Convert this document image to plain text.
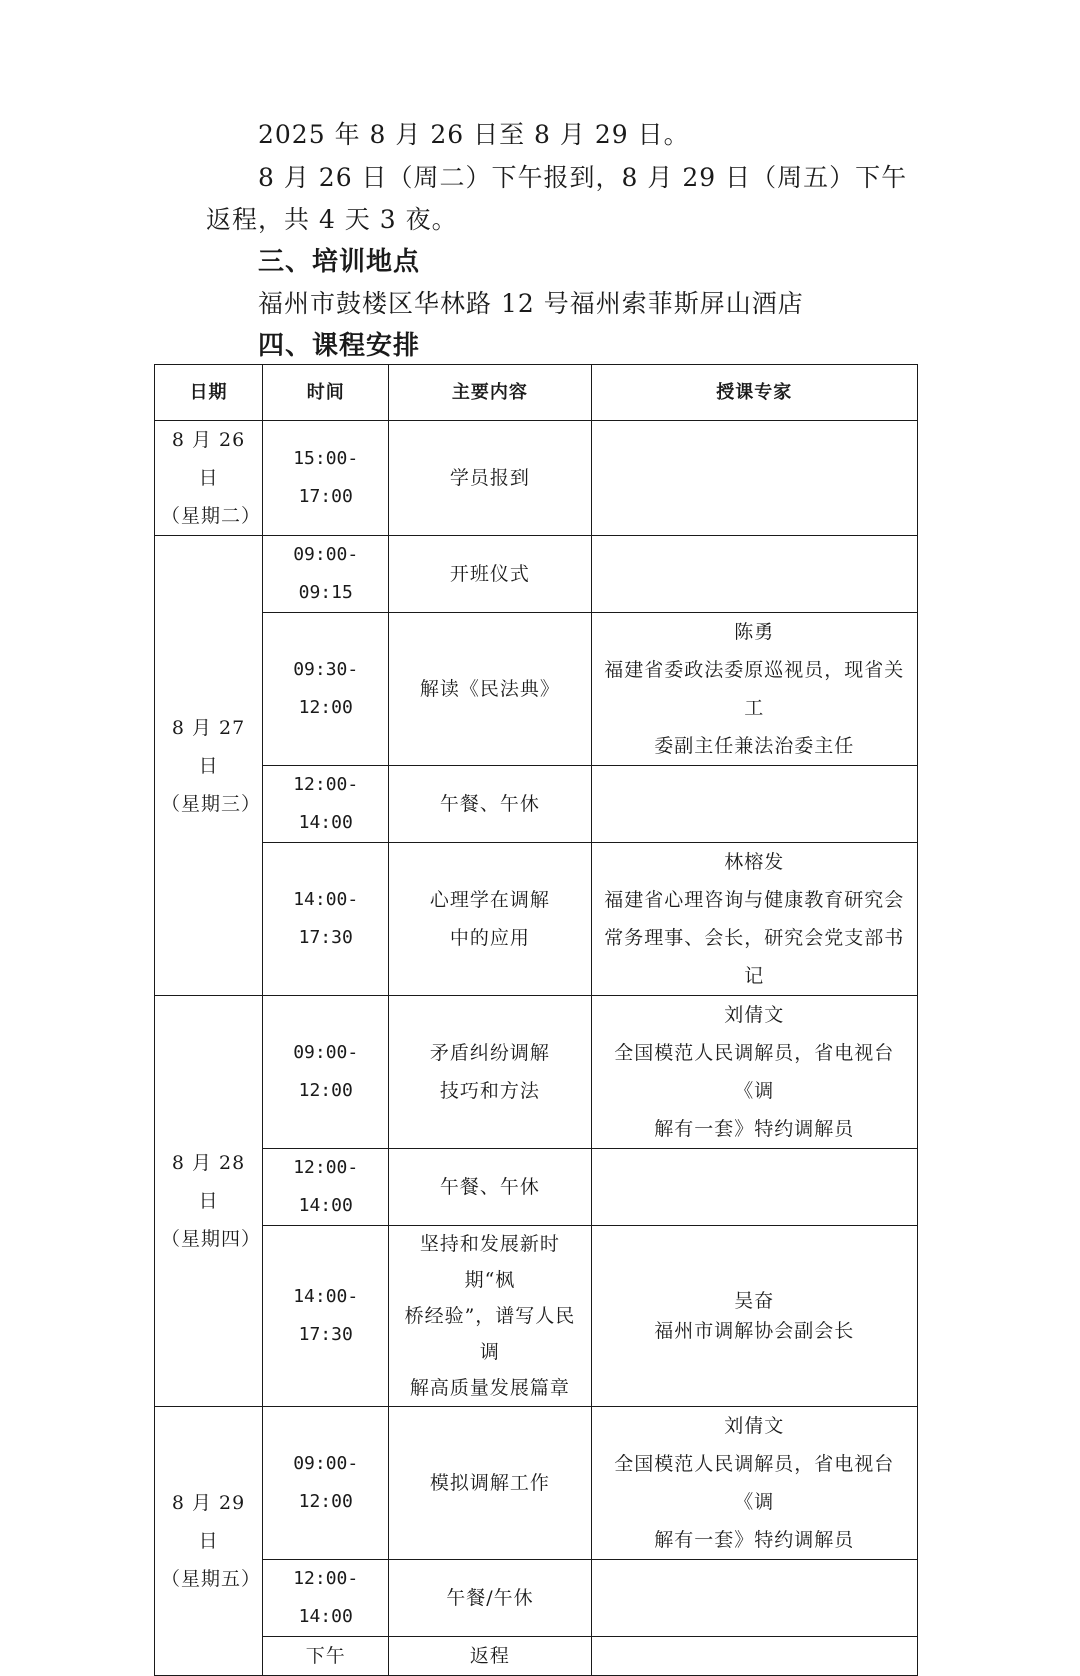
2025 年 8 月 26 日至 8 月 29 日。
8 月 26 日（周二）下午报到，8 月 29 日（周五）下午
返程，共 4 天 3 夜。
三、培训地点
福州市鼓楼区华林路 12 号福州索菲斯屏山酒店
四、课程安排
日期	时间	主要内容	授课专家

8 月 26 日
（星期二）	15:00-17:00	学员报到	

8 月 27 日
（星期三）	09:00-09:15	开班仪式	

	09:30-12:00	解读《民法典》	陈勇
福建省委政法委原巡视员，现省关工
委副主任兼法治委主任

	12:00-14:00	午餐、午休	

	14:00-17:30	心理学在调解
中的应用	林榕发
福建省心理咨询与健康教育研究会
常务理事、会长，研究会党支部书记

8 月 28 日
（星期四）	09:00-12:00	矛盾纠纷调解
技巧和方法	刘倩文
全国模范人民调解员，省电视台《调
解有一套》特约调解员

	12:00-14:00	午餐、午休	

	14:00-17:30	坚持和发展新时期“枫
桥经验”，谱写人民调
解高质量发展篇章	吴奋
福州市调解协会副会长

8 月 29 日
（星期五）	09:00-12:00	模拟调解工作	刘倩文
全国模范人民调解员，省电视台《调
解有一套》特约调解员

	12:00-14:00	午餐/午休	

	下午	返程	
